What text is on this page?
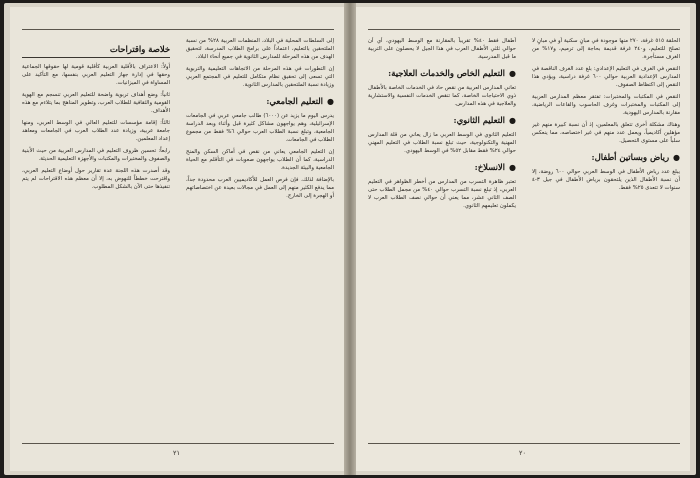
إلى السلطات المحلية في البلاد، المنظمات العربية ٢٨% من نسبة الملتحقين بالتعليم، اعتماداً على برامج الطلاب المدرسة، لتحقيق الهدف من هذه المرحلة للمدارس الثانوية في جميع أنحاء البلاد.

إن التطورات في هذه المرحلة من الاتجاهات التعليمية والتربوية التي تسعى إلى تحقيق نظام متكامل للتعليم في المجتمع العربي وزيادة نسبة الملتحقين بالمدارس الثانوية.

●التعليم الجامعي:

يدرس اليوم ما يزيد عن (٦٠٠٠) طالب جامعي عربي في الجامعات الإسرائيلية، وهم يواجهون مشاكل كثيرة قبل وأثناء وبعد الدراسة الجامعية، وتبلغ نسبة الطلاب العرب حوالي ٦% فقط من مجموع الطلاب في الجامعات.

إن التعليم الجامعي يعاني من نقص في أماكن السكن والمنح الدراسية، كما أن الطلاب يواجهون صعوبات في التأقلم مع الحياة الجامعية والبيئة الجديدة.

بالإضافة لذلك، فإن فرص العمل للأكاديميين العرب محدودة جداً، مما يدفع الكثير منهم إلى العمل في مجالات بعيدة عن اختصاصاتهم أو الهجرة إلى الخارج.

خلاصة واقتراحات

أولاً: الاعتراف بالأقلية العربية كأقلية قومية لها حقوقها الجماعية وحقها في إدارة جهاز التعليم العربي بنفسها، مع التأكيد على المساواة في الميزانيات.

ثانياً: وضع أهداف تربوية واضحة للتعليم العربي تنسجم مع الهوية القومية والثقافية للطلاب العرب، وتطوير المناهج بما يتلاءم مع هذه الأهداف.

ثالثاً: إقامة مؤسسات للتعليم العالي في الوسط العربي، ومنها جامعة عربية، وزيادة عدد الطلاب العرب في الجامعات ومعاهد إعداد المعلمين.

رابعاً: تحسين ظروف التعليم في المدارس العربية من حيث الأبنية والصفوف والمختبرات والمكتبات والأجهزة التعليمية الحديثة.

وقد أصدرت هذه اللجنة عدة تقارير حول أوضاع التعليم العربي، واقترحت خططاً للنهوض به، إلا أن معظم هذه الاقتراحات لم يتم تنفيذها حتى الآن بالشكل المطلوب.

٢١

الحلقة ٥١٥ غرفة، ٢٧٠ منها موجودة في مبانٍ سكنية أو في مبانٍ لا تصلح للتعليم، و٢٤٠ غرفة قديمة بحاجة إلى ترميم، و١٧% من الغرف مستأجرة.

النقص في الغرف في التعليم الإعدادي: بلغ عدد الغرف الناقصة في المدارس الإعدادية العربية حوالي ٦٠٠ غرفة دراسية، ويؤدي هذا النقص إلى اكتظاظ الصفوف.

النقص في المكتبات والمختبرات: تفتقر معظم المدارس العربية إلى المكتبات والمختبرات وغرف الحاسوب والقاعات الرياضية، مقارنة بالمدارس اليهودية.

وهناك مشكلة أخرى تتعلق بالمعلمين، إذ أن نسبة كبيرة منهم غير مؤهلين أكاديمياً، ويعمل عدد منهم في غير اختصاصه، مما ينعكس سلباً على مستوى التحصيل.

●رياض وبساتين أطفال:

يبلغ عدد رياض الأطفال في الوسط العربي حوالي ٦٠٠ روضة، إلا أن نسبة الأطفال الذين يلتحقون برياض الأطفال في جيل ٣-٤ سنوات لا تتعدى ٢٥% فقط.

أطفال فقط ٤٠% تقريباً بالمقارنة مع الوسط اليهودي، أي أن حوالي ثلثي الأطفال العرب في هذا الجيل لا يحصلون على التربية ما قبل المدرسية.

●التعليم الخاص والخدمات العلاجية:

تعاني المدارس العربية من نقص حاد في الخدمات الخاصة بالأطفال ذوي الاحتياجات الخاصة، كما تنقص الخدمات النفسية والاستشارية والعلاجية في هذه المدارس.

●التعليم الثانوي:

التعليم الثانوي في الوسط العربي ما زال يعاني من قلة المدارس المهنية والتكنولوجية، حيث تبلغ نسبة الطلاب في التعليم المهني حوالي ٢٤% فقط مقابل ٥٢% في الوسط اليهودي.

●الانسلاخ:

تعتبر ظاهرة التسرب من المدارس من أخطر الظواهر في التعليم العربي، إذ تبلغ نسبة التسرب حوالي ٤٠% من مجمل الطلاب حتى الصف الثاني عشر، مما يعني أن حوالي نصف الطلاب العرب لا يكملون تعليمهم الثانوي.

٢٠
